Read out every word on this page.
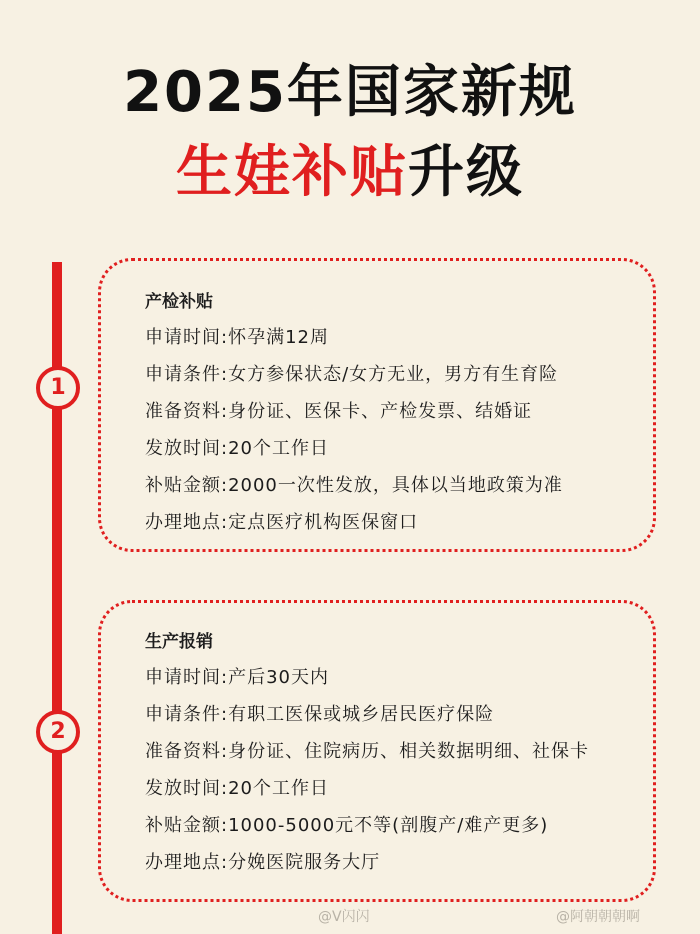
2025年国家新规
生娃补贴升级
1
2
产检补贴
申请时间:怀孕满12周
申请条件:女方参保状态/女方无业，男方有生育险
准备资料:身份证、医保卡、产检发票、结婚证
发放时间:20个工作日
补贴金额:2000一次性发放，具体以当地政策为准
办理地点:定点医疗机构医保窗口
生产报销
申请时间:产后30天内
申请条件:有职工医保或城乡居民医疗保险
准备资料:身份证、住院病历、相关数据明细、社保卡
发放时间:20个工作日
补贴金额:1000-5000元不等(剖腹产/难产更多)
办理地点:分娩医院服务大厅
@V闪闪	@阿朝朝朝啊
